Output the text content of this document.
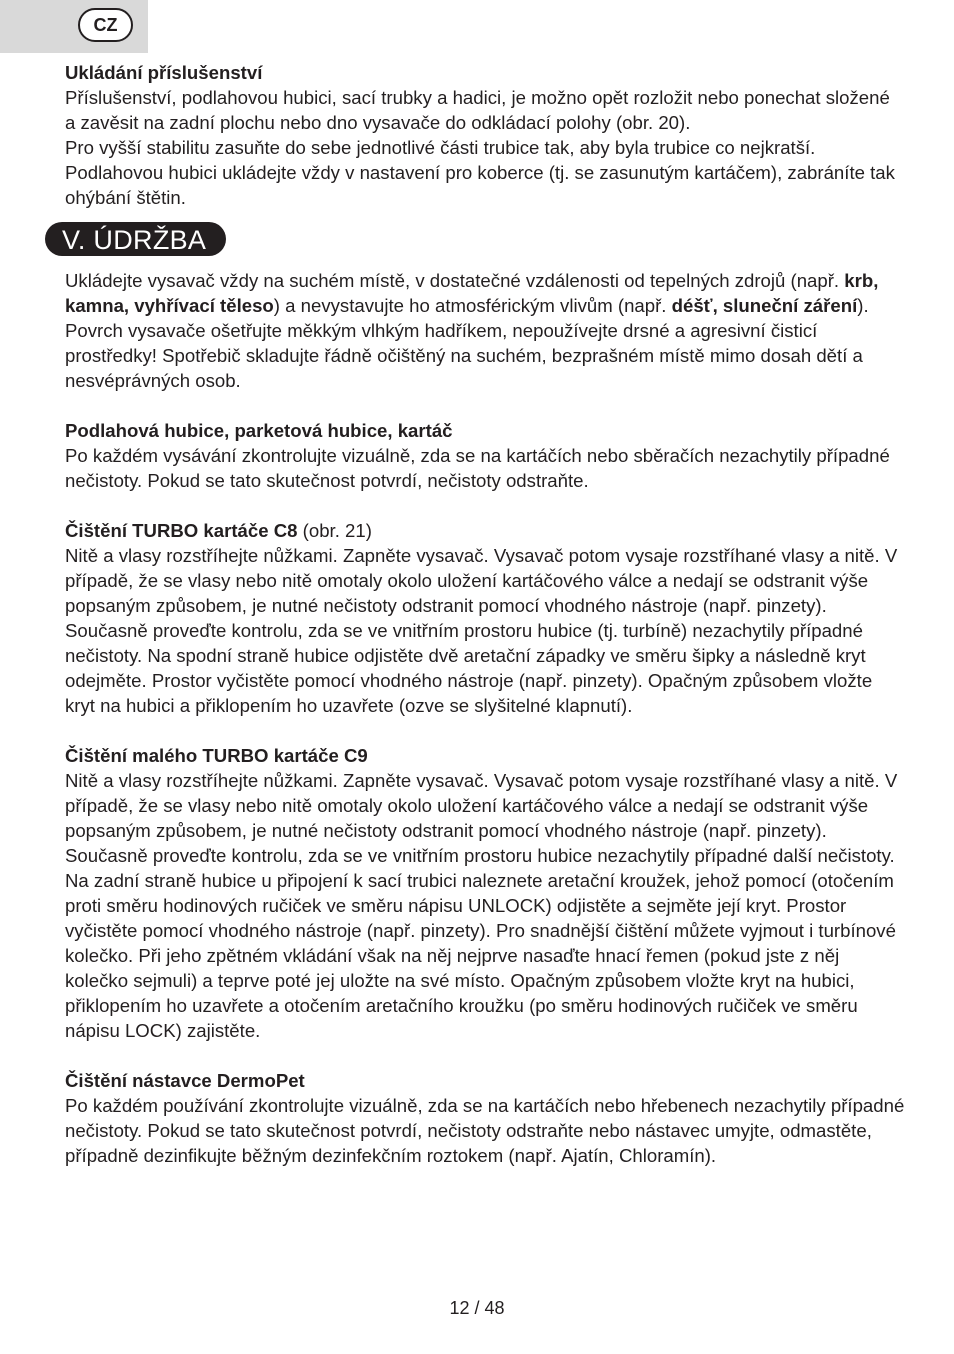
CZ

Ukládání příslušenství

Příslušenství, podlahovou hubici, sací trubky a hadici, je možno opět rozložit nebo ponechat složené a zavěsit na zadní plochu nebo dno vysavače do odkládací polohy (obr. 20).

Pro vyšší stabilitu zasuňte do sebe jednotlivé části trubice tak, aby byla trubice co nejkratší.

Podlahovou hubici ukládejte vždy v nastavení pro koberce (tj. se zasunutým kartáčem), zabráníte tak ohýbání štětin.

V. ÚDRŽBA

Ukládejte vysavač vždy na suchém místě, v dostatečné vzdálenosti od tepelných zdrojů (např. krb, kamna, vyhřívací těleso) a nevystavujte ho atmosférickým vlivům (např. déšť, sluneční záření). Povrch vysavače ošetřujte měkkým vlhkým hadříkem, nepoužívejte drsné a agresivní čisticí prostředky! Spotřebič skladujte řádně očištěný na suchém, bezprašném místě mimo dosah dětí a nesvéprávných osob.

Podlahová hubice, parketová hubice, kartáč

Po každém vysávání zkontrolujte vizuálně, zda se na kartáčích nebo sběračích nezachytily případné nečistoty. Pokud se tato skutečnost potvrdí, nečistoty odstraňte.

Čištění TURBO kartáče C8 (obr. 21)

Nitě a vlasy rozstříhejte nůžkami. Zapněte vysavač. Vysavač potom vysaje rozstříhané vlasy a nitě. V případě, že se vlasy nebo nitě omotaly okolo uložení kartáčového válce a nedají se odstranit výše popsaným způsobem, je nutné nečistoty odstranit pomocí vhodného nástroje (např. pinzety). Současně proveďte kontrolu, zda se ve vnitřním prostoru hubice (tj. turbíně) nezachytily případné nečistoty. Na spodní straně hubice odjistěte dvě aretační západky ve směru šipky a následně kryt odejměte. Prostor vyčistěte pomocí vhodného nástroje (např. pinzety). Opačným způsobem vložte kryt na hubici a přiklopením ho uzavřete (ozve se slyšitelné klapnutí).

Čištění malého TURBO kartáče C9

Nitě a vlasy rozstříhejte nůžkami. Zapněte vysavač. Vysavač potom vysaje rozstříhané vlasy a nitě. V případě, že se vlasy nebo nitě omotaly okolo uložení kartáčového válce a nedají se odstranit výše popsaným způsobem, je nutné nečistoty odstranit pomocí vhodného nástroje (např. pinzety). Současně proveďte kontrolu, zda se ve vnitřním prostoru hubice nezachytily případné další nečistoty. Na zadní straně hubice u připojení k sací trubici naleznete aretační kroužek, jehož pomocí (otočením proti směru hodinových ručiček ve směru nápisu UNLOCK) odjistěte a sejměte její kryt. Prostor vyčistěte pomocí vhodného nástroje (např. pinzety). Pro snadnější čištění můžete vyjmout i turbínové kolečko. Při jeho zpětném vkládání však na něj nejprve nasaďte hnací řemen (pokud jste z něj kolečko sejmuli) a teprve poté jej uložte na své místo. Opačným způsobem vložte kryt na hubici, přiklopením ho uzavřete a otočením aretačního kroužku (po směru hodinových ručiček ve směru nápisu LOCK) zajistěte.

Čištění nástavce DermoPet

Po každém používání zkontrolujte vizuálně, zda se na kartáčích nebo hřebenech nezachytily případné nečistoty. Pokud se tato skutečnost potvrdí, nečistoty odstraňte nebo nástavec umyjte, odmastěte, případně dezinfikujte běžným dezinfekčním roztokem (např. Ajatín, Chloramín).

12 / 48
